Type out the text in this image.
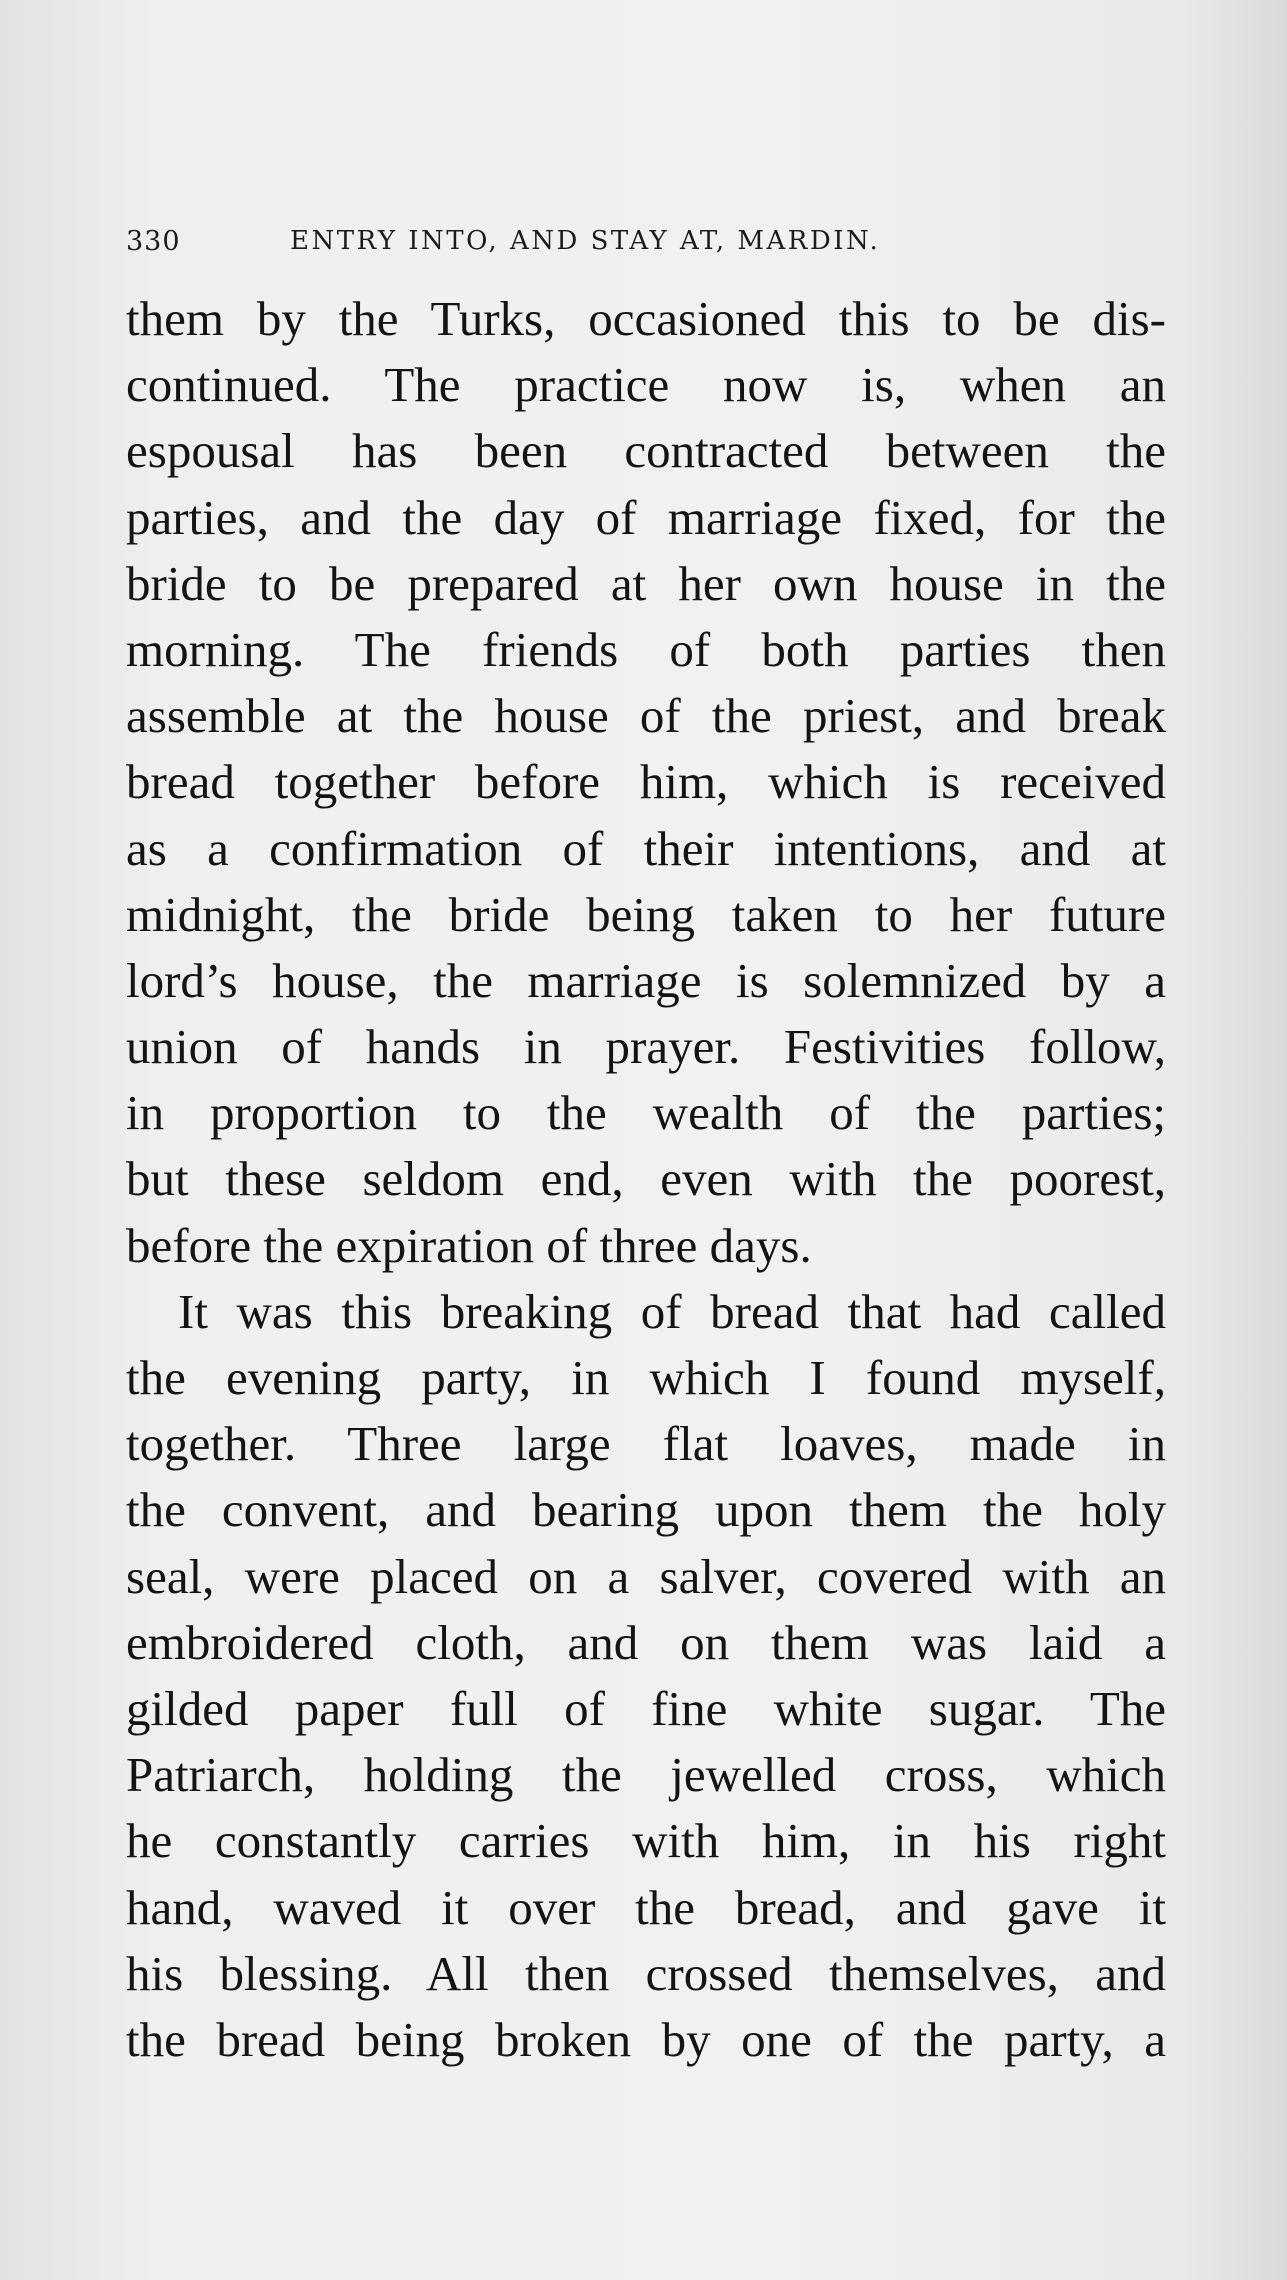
330	ENTRY INTO, AND STAY AT, MARDIN.
them by the Turks, occasioned this to be dis-
continued. The practice now is, when an
espousal has been contracted between the
parties, and the day of marriage fixed, for the
bride to be prepared at her own house in the
morning. The friends of both parties then
assemble at the house of the priest, and break
bread together before him, which is received
as a confirmation of their intentions, and at
midnight, the bride being taken to her future
lord’s house, the marriage is solemnized by a
union of hands in prayer. Festivities follow,
in proportion to the wealth of the parties;
but these seldom end, even with the poorest,
before the expiration of three days.
It was this breaking of bread that had called
the evening party, in which I found myself,
together. Three large flat loaves, made in
the convent, and bearing upon them the holy
seal, were placed on a salver, covered with an
embroidered cloth, and on them was laid a
gilded paper full of fine white sugar. The
Patriarch, holding the jewelled cross, which
he constantly carries with him, in his right
hand, waved it over the bread, and gave it
his blessing. All then crossed themselves, and
the bread being broken by one of the party, a
